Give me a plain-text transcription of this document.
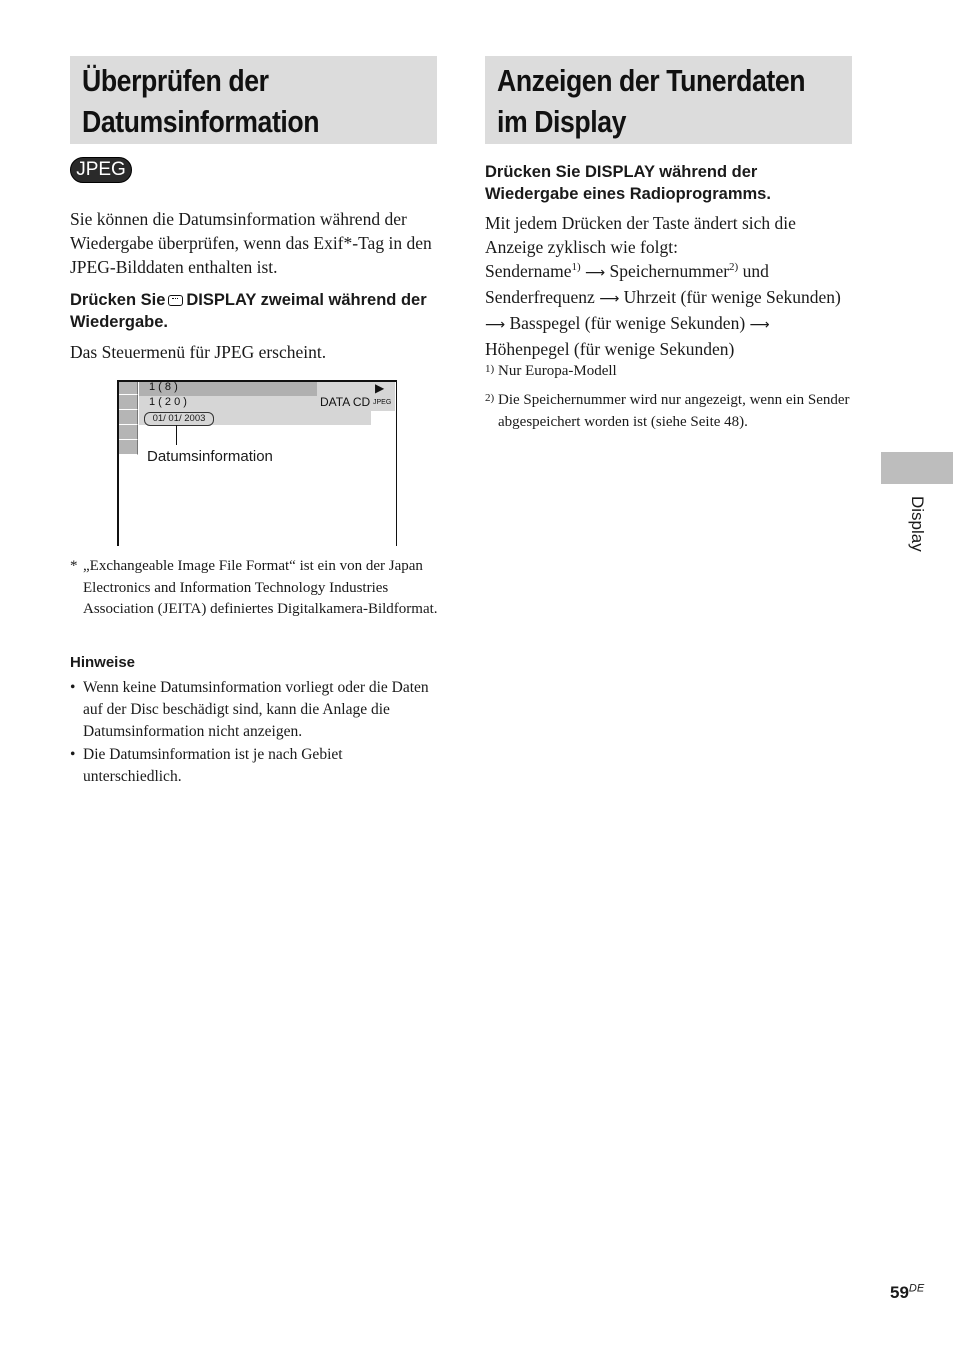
Überprüfen der
Datumsinformation
JPEG
Sie können die Datumsinformation während der Wiedergabe überprüfen, wenn das Exif*-Tag in den JPEG-Bilddaten enthalten ist.
Drücken Sie DISPLAY zweimal während der Wiedergabe.
Das Steuermenü für JPEG erscheint.
1 ( 8 )
1 ( 2 0 )
01/ 01/ 2003
▶
DATA CD JPEG
Datumsinformation
* „Exchangeable Image File Format“ ist ein von der Japan Electronics and Information Technology Industries Association (JEITA) definiertes Digitalkamera-Bildformat.
Hinweise
• Wenn keine Datumsinformation vorliegt oder die Daten auf der Disc beschädigt sind, kann die Anlage die Datumsinformation nicht anzeigen.
• Die Datumsinformation ist je nach Gebiet unterschiedlich.
Anzeigen der Tunerdaten
im Display
Drücken Sie DISPLAY während der Wiedergabe eines Radioprogramms.
Mit jedem Drücken der Taste ändert sich die Anzeige zyklisch wie folgt:
Sendername$^{1)}$ ⟶ Speichernummer$^{2)}$ und Senderfrequenz ⟶ Uhrzeit (für wenige Sekunden) ⟶ Basspegel (für wenige Sekunden) ⟶ Höhenpegel (für wenige Sekunden)
1) Nur Europa-Modell
2) Die Speichernummer wird nur angezeigt, wenn ein Sender abgespeichert worden ist (siehe Seite 48).
Display
59DE
